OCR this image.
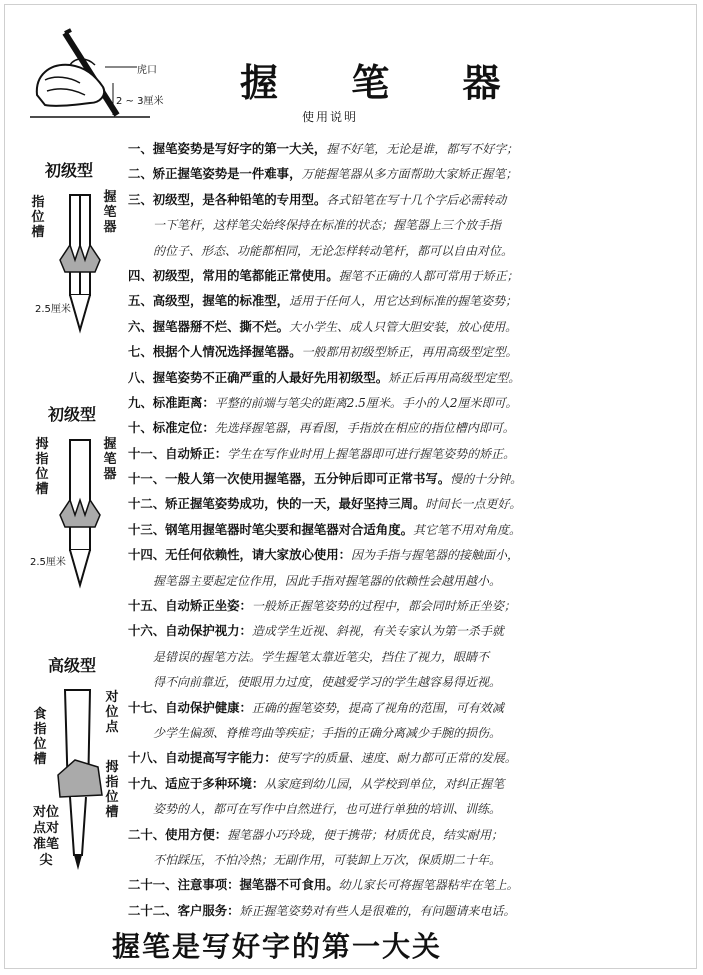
虎口
2 ~ 3厘米 握 笔 器
使用说明
初级型
指位槽
握笔器
2.5厘米
初级型
拇指位槽
握笔器
2.5厘米
高级型
食指位槽
对位点
拇指位槽
对位点对准笔尖
一、握笔姿势是写好字的第一大关，握不好笔，无论是谁，都写不好字；
二、矫正握笔姿势是一件难事，万能握笔器从多方面帮助大家矫正握笔；
三、初级型，是各种铅笔的专用型。各式铅笔在写十几个字后必需转动
一下笔杆，这样笔尖始终保持在标准的状态；握笔器上三个放手指
的位子、形态、功能都相同，无论怎样转动笔杆，都可以自由对位。
四、初级型，常用的笔都能正常使用。握笔不正确的人都可常用于矫正；
五、高级型，握笔的标准型，适用于任何人，用它达到标准的握笔姿势；
六、握笔器掰不烂、撕不烂。大小学生、成人只管大胆安装，放心使用。
七、根据个人情况选择握笔器。一般都用初级型矫正，再用高级型定型。
八、握笔姿势不正确严重的人最好先用初级型。矫正后再用高级型定型。
九、标准距离：平整的前端与笔尖的距离2.5厘米。手小的人2厘米即可。
十、标准定位：先选择握笔器，再看图，手指放在相应的指位槽内即可。
十一、自动矫正：学生在写作业时用上握笔器即可进行握笔姿势的矫正。
十一、一般人第一次使用握笔器，五分钟后即可正常书写。慢的十分钟。
十二、矫正握笔姿势成功，快的一天，最好坚持三周。时间长一点更好。
十三、钢笔用握笔器时笔尖要和握笔器对合适角度。其它笔不用对角度。
十四、无任何依赖性，请大家放心使用：因为手指与握笔器的接触面小，
握笔器主要起定位作用，因此手指对握笔器的依赖性会越用越小。
十五、自动矫正坐姿：一般矫正握笔姿势的过程中，都会同时矫正坐姿；
十六、自动保护视力：造成学生近视、斜视，有关专家认为第一杀手就
是错误的握笔方法。学生握笔太靠近笔尖，挡住了视力，眼睛不
得不向前靠近，使眼用力过度，使越爱学习的学生越容易得近视。
十七、自动保护健康：正确的握笔姿势，提高了视角的范围，可有效减
少学生偏颈、脊椎弯曲等疾症；手指的正确分离减少手腕的损伤。
十八、自动提高写字能力：使写字的质量、速度、耐力都可正常的发展。
十九、适应于多种环境：从家庭到幼儿园，从学校到单位，对纠正握笔
姿势的人，都可在写作中自然进行，也可进行单独的培训、训练。
二十、使用方便：握笔器小巧玲珑，便于携带；材质优良，结实耐用；
不怕踩压，不怕冷热；无副作用，可装卸上万次，保质期二十年。
二十一、注意事项：握笔器不可食用。幼儿家长可将握笔器粘牢在笔上。
二十二、客户服务：矫正握笔姿势对有些人是很难的，有问题请来电话。
握笔是写好字的第一大关
